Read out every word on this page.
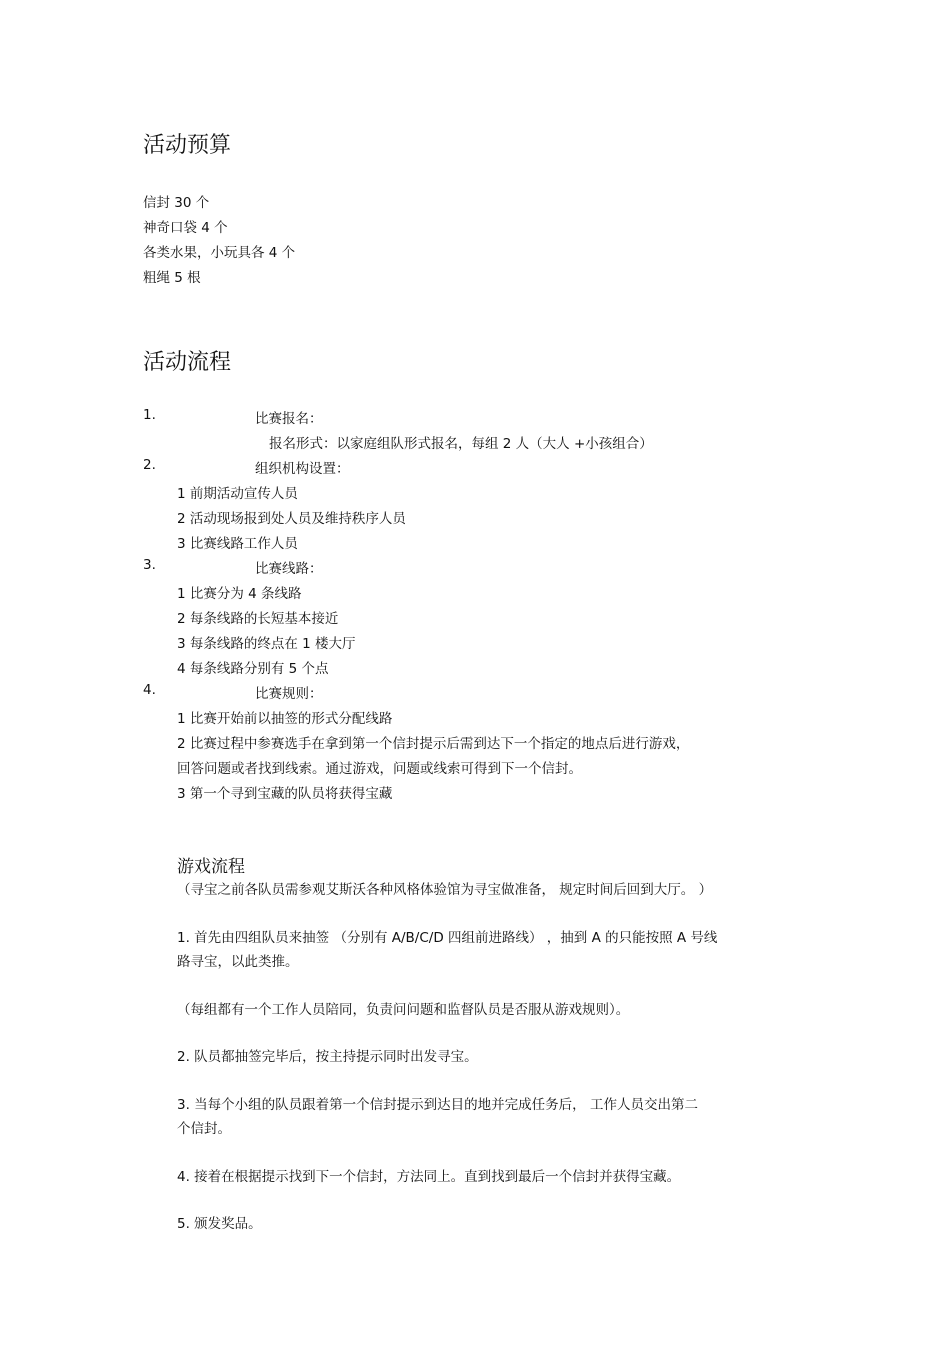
活动预算
信封 30 个
神奇口袋 4 个
各类水果，小玩具各 4 个
粗绳 5 根
活动流程
1.	比赛报名：
报名形式：以家庭组队形式报名，每组 2 人（大人 +小孩组合）
2.	组织机构设置：
1 前期活动宣传人员
2 活动现场报到处人员及维持秩序人员
3 比赛线路工作人员
3.	比赛线路：
1 比赛分为 4 条线路
2 每条线路的长短基本接近
3 每条线路的终点在 1 楼大厅
4 每条线路分别有 5 个点
4.	比赛规则：
1 比赛开始前以抽签的形式分配线路
2 比赛过程中参赛选手在拿到第一个信封提示后需到达下一个指定的地点后进行游戏，
回答问题或者找到线索。通过游戏，问题或线索可得到下一个信封。
3 第一个寻到宝藏的队员将获得宝藏
游戏流程
（寻宝之前各队员需参观艾斯沃各种风格体验馆为寻宝做准备， 规定时间后回到大厅。 ）
1. 首先由四组队员来抽签 （分别有 A/B/C/D 四组前进路线） ，抽到 A 的只能按照 A 号线
路寻宝，以此类推。
（每组都有一个工作人员陪同，负责问问题和监督队员是否服从游戏规则）。
2. 队员都抽签完毕后，按主持提示同时出发寻宝。
3. 当每个小组的队员跟着第一个信封提示到达目的地并完成任务后， 工作人员交出第二
个信封。
4. 接着在根据提示找到下一个信封，方法同上。直到找到最后一个信封并获得宝藏。
5. 颁发奖品。
